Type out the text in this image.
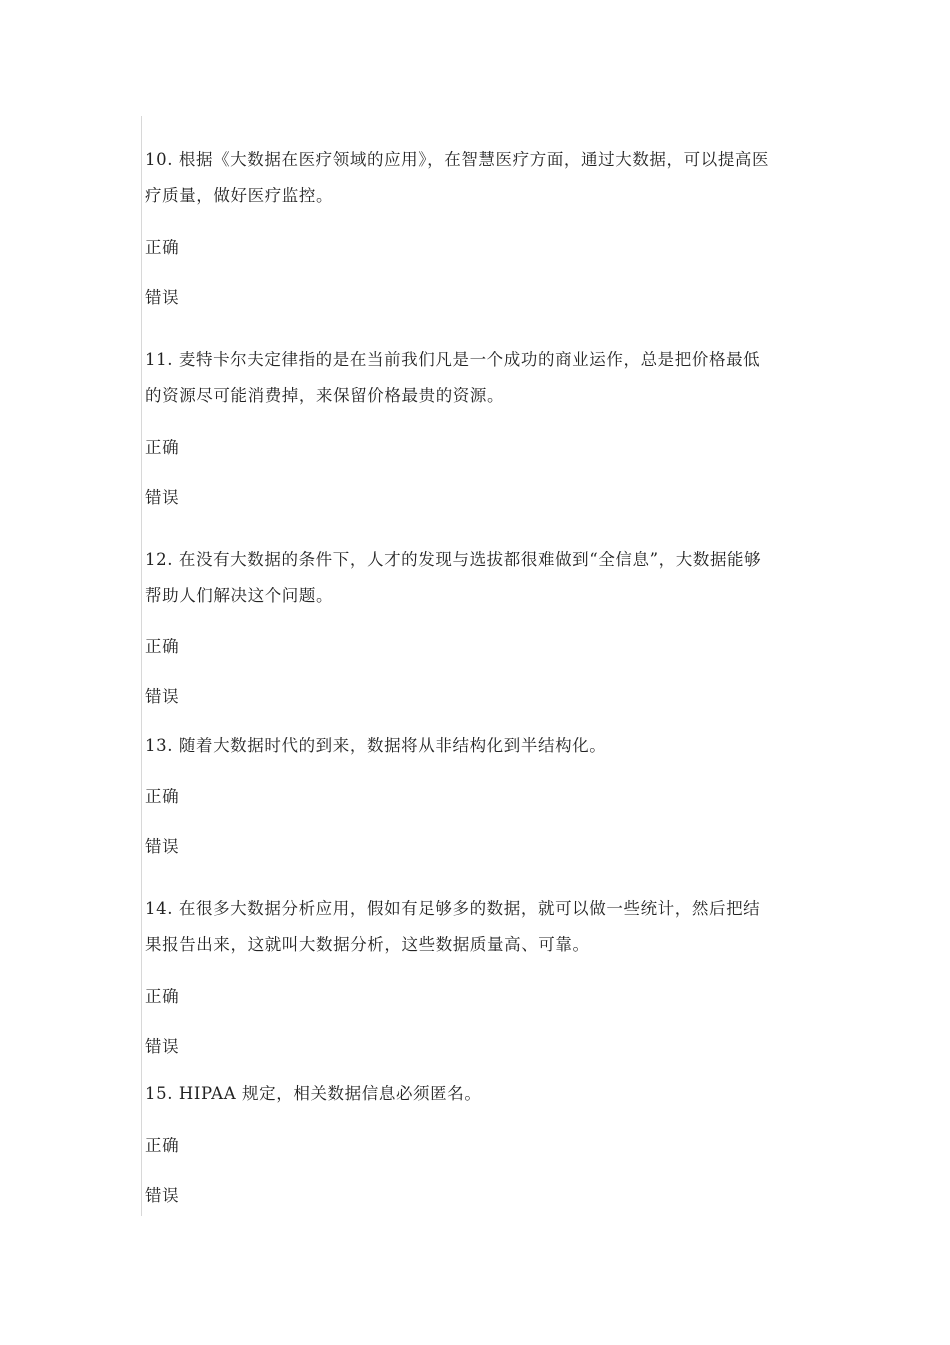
10. 根据《大数据在医疗领域的应用》，在智慧医疗方面，通过大数据，可以提高医疗质量，做好医疗监控。

正确

错误

11. 麦特卡尔夫定律指的是在当前我们凡是一个成功的商业运作，总是把价格最低的资源尽可能消费掉，来保留价格最贵的资源。

正确

错误

12. 在没有大数据的条件下，人才的发现与选拔都很难做到“全信息”，大数据能够帮助人们解决这个问题。

正确

错误

13. 随着大数据时代的到来，数据将从非结构化到半结构化。

正确

错误

14. 在很多大数据分析应用，假如有足够多的数据，就可以做一些统计，然后把结果报告出来，这就叫大数据分析，这些数据质量高、可靠。

正确

错误

15. HIPAA 规定，相关数据信息必须匿名。

正确

错误
